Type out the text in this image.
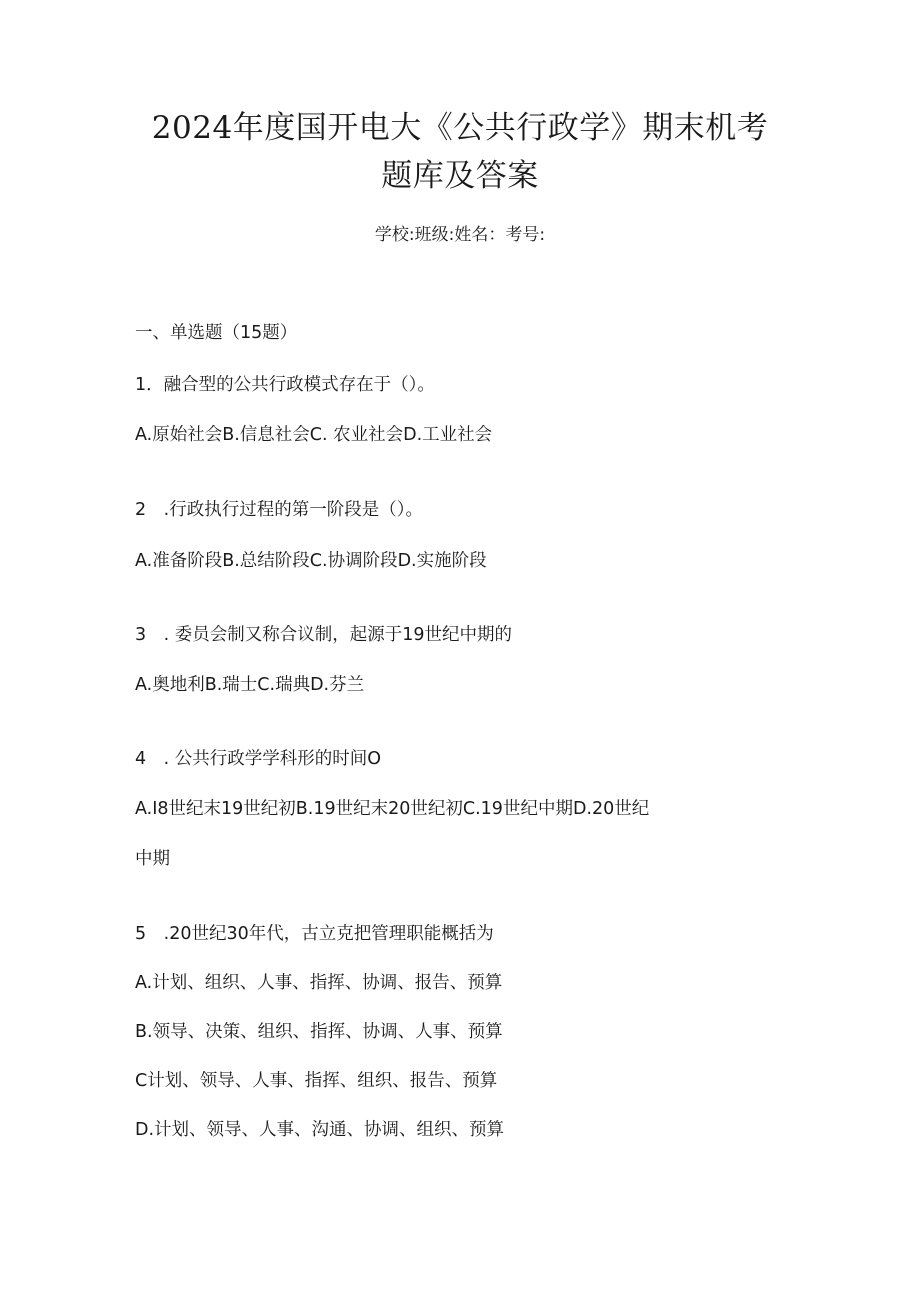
2024年度国开电大《公共行政学》期末机考
题库及答案
学校:班级:姓名：考号:
一、单选题（15题）
1．融合型的公共行政模式存在于（）。
A.原始社会B.信息社会C. 农业社会D.工业社会
2　.行政执行过程的第一阶段是（）。
A.准备阶段B.总结阶段C.协调阶段D.实施阶段
3　. 委员会制又称合议制，起源于19世纪中期的
A.奥地利B.瑞士C.瑞典D.芬兰
4　. 公共行政学学科形的时间O
A.I8世纪末19世纪初B.19世纪末20世纪初C.19世纪中期D.20世纪
中期
5　.20世纪30年代，古立克把管理职能概括为
A.计划、组织、人事、指挥、协调、报告、预算
B.领导、决策、组织、指挥、协调、人事、预算
C计划、领导、人事、指挥、组织、报告、预算
D.计划、领导、人事、沟通、协调、组织、预算
